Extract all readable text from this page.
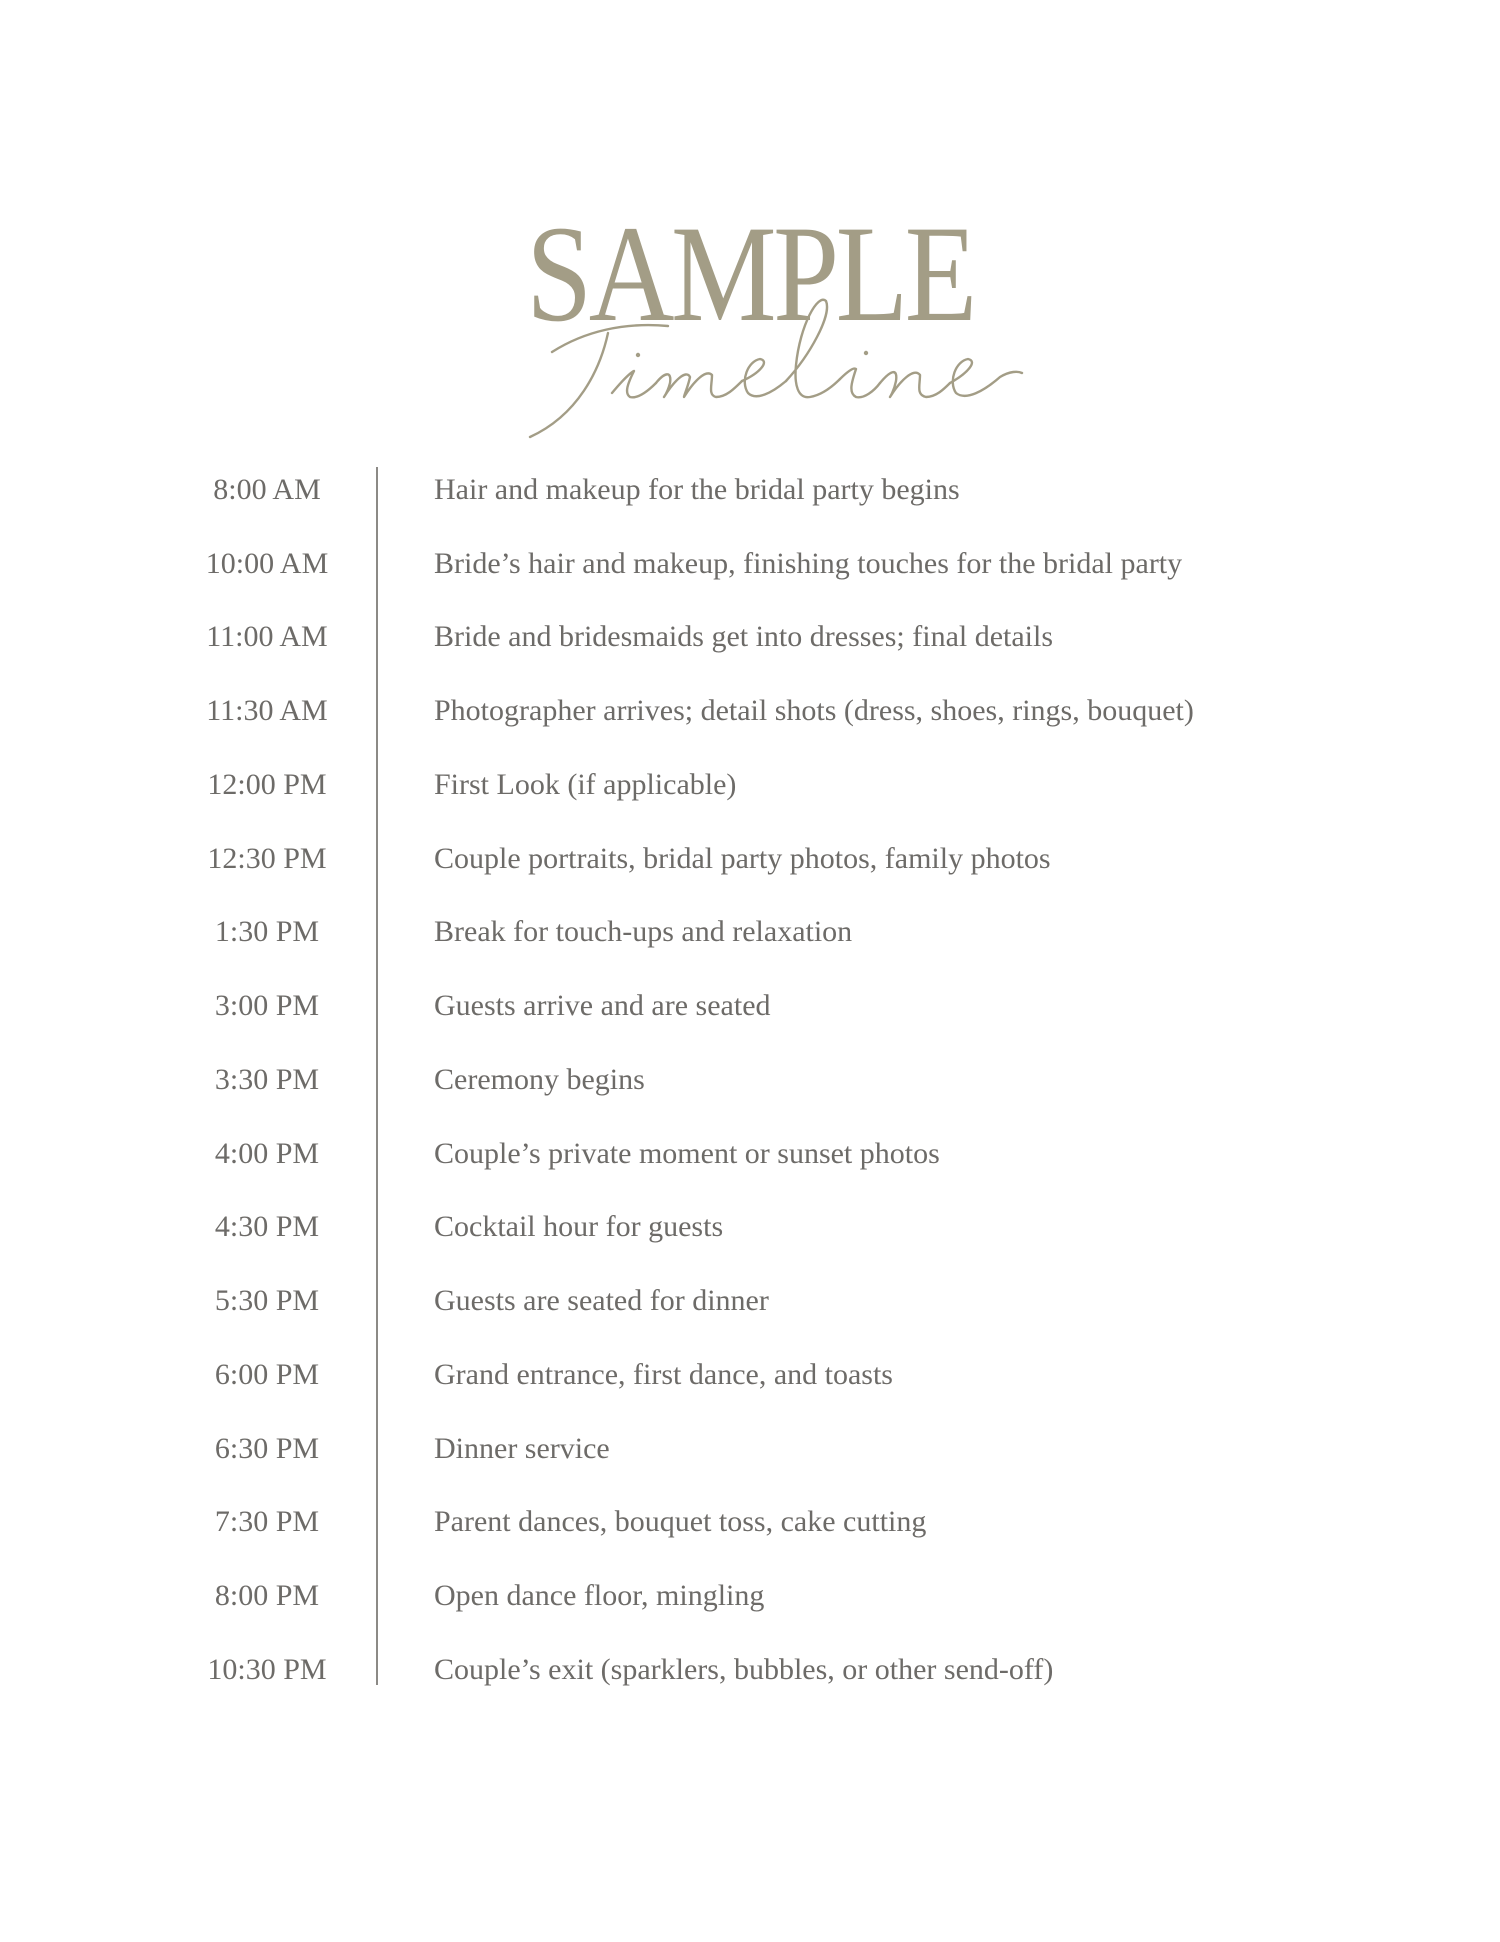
SAMPLE
8:00 AM	Hair and makeup for the bridal party begins
10:00 AM	Bride’s hair and makeup, finishing touches for the bridal party
11:00 AM	Bride and bridesmaids get into dresses; final details
11:30 AM	Photographer arrives; detail shots (dress, shoes, rings, bouquet)
12:00 PM	First Look (if applicable)
12:30 PM	Couple portraits, bridal party photos, family photos
1:30 PM	Break for touch-ups and relaxation
3:00 PM	Guests arrive and are seated
3:30 PM	Ceremony begins
4:00 PM	Couple’s private moment or sunset photos
4:30 PM	Cocktail hour for guests
5:30 PM	Guests are seated for dinner
6:00 PM	Grand entrance, first dance, and toasts
6:30 PM	Dinner service
7:30 PM	Parent dances, bouquet toss, cake cutting
8:00 PM	Open dance floor, mingling
10:30 PM	Couple’s exit (sparklers, bubbles, or other send-off)
